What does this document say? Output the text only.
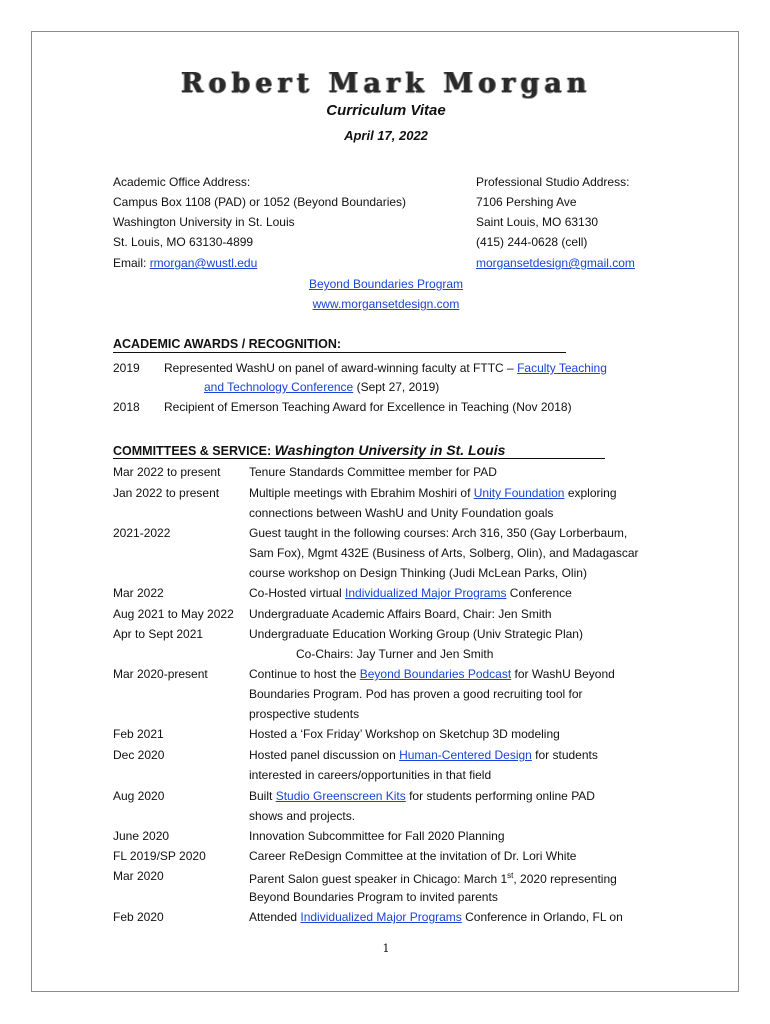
Robert Mark Morgan
Curriculum Vitae
April 17, 2022
Academic Office Address:
Campus Box 1108 (PAD) or 1052 (Beyond Boundaries)
Washington University in St. Louis
St. Louis, MO 63130-4899
Email: rmorgan@wustl.edu
Professional Studio Address:
7106 Pershing Ave
Saint Louis, MO 63130
(415) 244-0628 (cell)
morgansetdesign@gmail.com
Beyond Boundaries Program
www.morgansetdesign.com
ACADEMIC AWARDS / RECOGNITION:
2019 Represented WashU on panel of award-winning faculty at FTTC – Faculty Teaching
and Technology Conference (Sept 27, 2019)
2018 Recipient of Emerson Teaching Award for Excellence in Teaching (Nov 2018)
COMMITTEES & SERVICE: Washington University in St. Louis
Mar 2022 to present Tenure Standards Committee member for PAD
Jan 2022 to present Multiple meetings with Ebrahim Moshiri of Unity Foundation exploring
connections between WashU and Unity Foundation goals
2021-2022	Guest taught in the following courses: Arch 316, 350 (Gay Lorberbaum,
Sam Fox), Mgmt 432E (Business of Arts, Solberg, Olin), and Madagascar
course workshop on Design Thinking (Judi McLean Parks, Olin)
Mar 2022	Co-Hosted virtual Individualized Major Programs Conference
Aug 2021 to May 2022 Undergraduate Academic Affairs Board, Chair: Jen Smith
Apr to Sept 2021	Undergraduate Education Working Group (Univ Strategic Plan)
Co-Chairs: Jay Turner and Jen Smith
Mar 2020-present	Continue to host the Beyond Boundaries Podcast for WashU Beyond
Boundaries Program. Pod has proven a good recruiting tool for
prospective students
Feb 2021	Hosted a ‘Fox Friday’ Workshop on Sketchup 3D modeling
Dec 2020	Hosted panel discussion on Human-Centered Design for students
interested in careers/opportunities in that field
Aug 2020	Built Studio Greenscreen Kits for students performing online PAD
shows and projects.
June 2020	Innovation Subcommittee for Fall 2020 Planning
FL 2019/SP 2020	Career ReDesign Committee at the invitation of Dr. Lori White
Mar 2020	Parent Salon guest speaker in Chicago: March 1st, 2020 representing
Beyond Boundaries Program to invited parents
Feb 2020	Attended Individualized Major Programs Conference in Orlando, FL on
1
